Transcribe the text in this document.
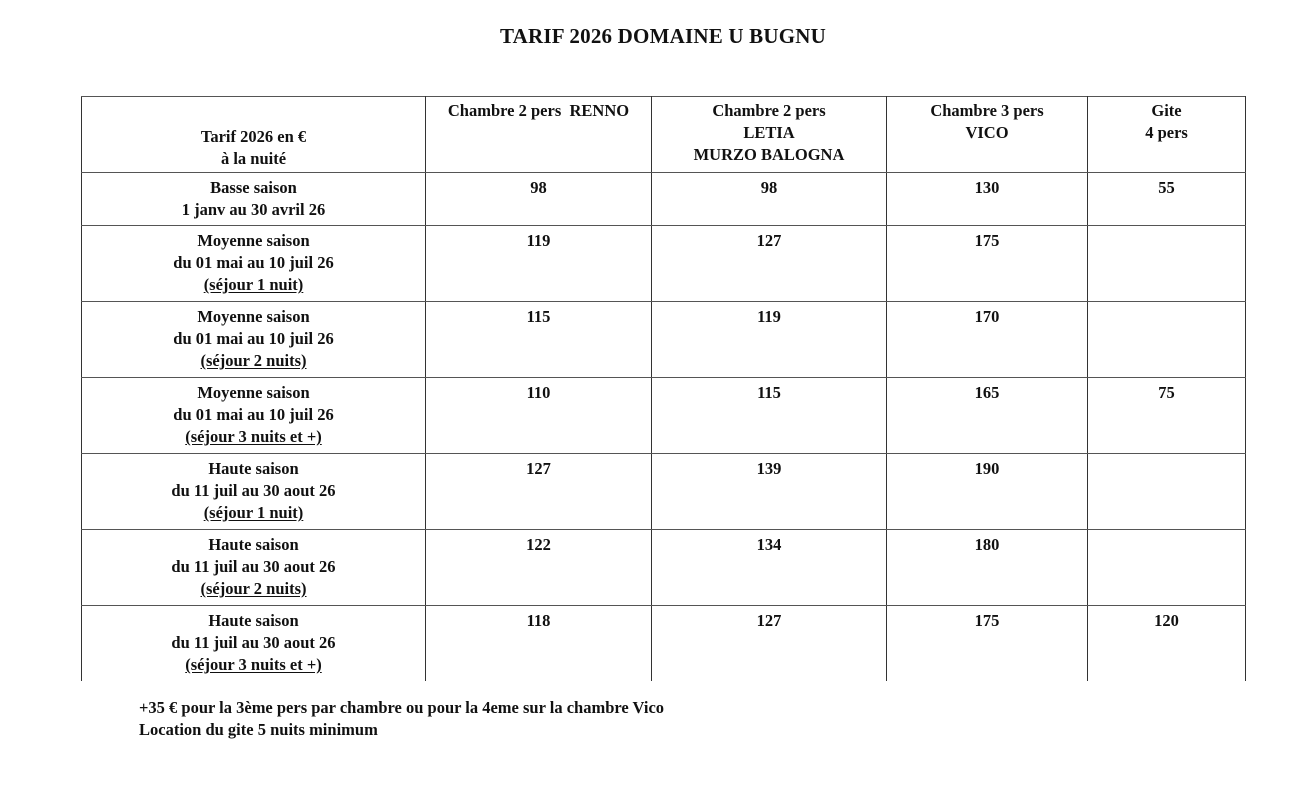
TARIF 2026 DOMAINE U BUGNU
Tarif 2026 en €
à la nuité	Chambre 2 pers  RENNO	Chambre 2 pers
LETIA
MURZO BALOGNA	Chambre 3 pers
VICO	Gite
4 pers

Basse saison
1 janv au 30 avril 26	98	98	130	55

Moyenne saison
du 01 mai au 10 juil 26
(séjour 1 nuit)	119	127	175	

Moyenne saison
du 01 mai au 10 juil 26
(séjour 2 nuits)	115	119	170	

Moyenne saison
du 01 mai au 10 juil 26
(séjour 3 nuits et +)	110	115	165	75

Haute saison
du 11 juil au 30 aout 26
(séjour 1 nuit)	127	139	190	

Haute saison
du 11 juil au 30 aout 26
(séjour 2 nuits)	122	134	180	

Haute saison
du 11 juil au 30 aout 26
(séjour 3 nuits et +)	118	127	175	120
+35 € pour la 3ème pers par chambre ou pour la 4eme sur la chambre Vico
Location du gite 5 nuits minimum
